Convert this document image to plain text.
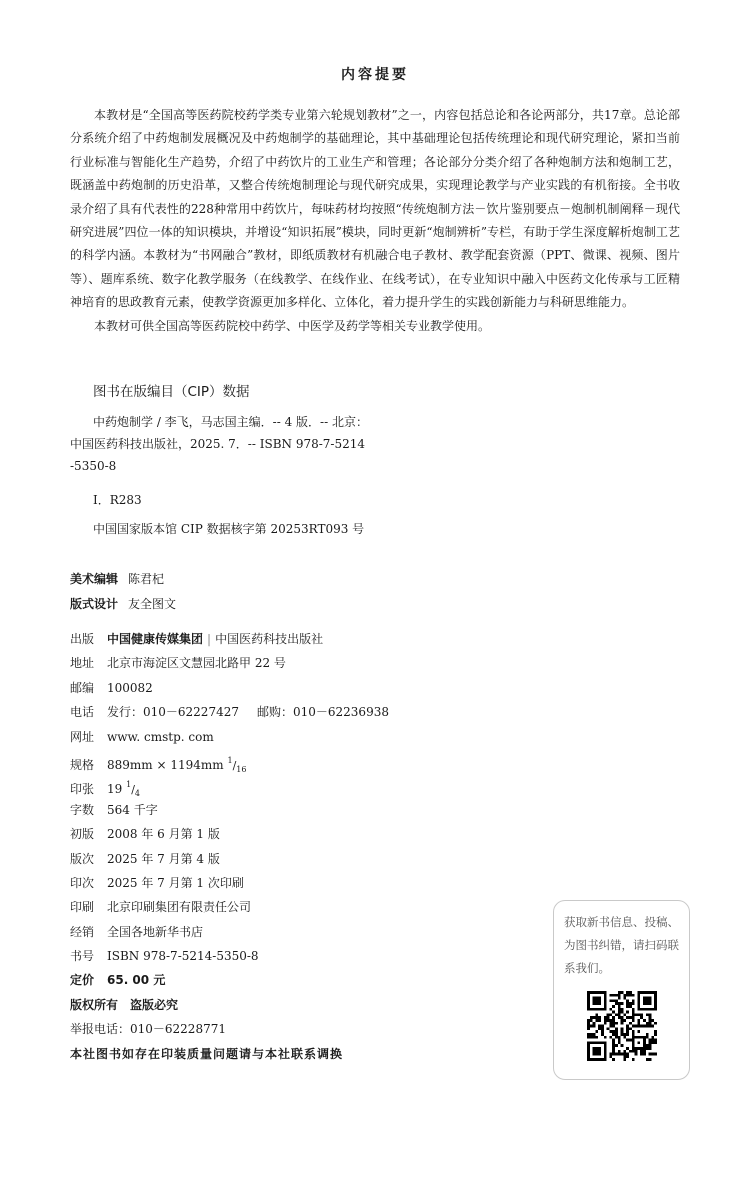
内容提要

本教材是“全国高等医药院校药学类专业第六轮规划教材”之一，内容包括总论和各论两部分，共17章。总论部分系统介绍了中药炮制发展概况及中药炮制学的基础理论，其中基础理论包括传统理论和现代研究理论，紧扣当前行业标准与智能化生产趋势，介绍了中药饮片的工业生产和管理；各论部分分类介绍了各种炮制方法和炮制工艺，既涵盖中药炮制的历史沿革，又整合传统炮制理论与现代研究成果，实现理论教学与产业实践的有机衔接。全书收录介绍了具有代表性的228种常用中药饮片，每味药材均按照“传统炮制方法－饮片鉴别要点－炮制机制阐释－现代研究进展”四位一体的知识模块，并增设“知识拓展”模块，同时更新“炮制辨析”专栏，有助于学生深度解析炮制工艺的科学内涵。本教材为“书网融合”教材，即纸质教材有机融合电子教材、教学配套资源（PPT、微课、视频、图片等）、题库系统、数字化教学服务（在线教学、在线作业、在线考试），在专业知识中融入中医药文化传承与工匠精神培育的思政教育元素，使教学资源更加多样化、立体化，着力提升学生的实践创新能力与科研思维能力。

本教材可供全国高等医药院校中药学、中医学及药学等相关专业教学使用。

图书在版编目（CIP）数据
中药炮制学 / 李飞，马志国主编．-- 4 版．-- 北京：
中国医药科技出版社，2025. 7．-- ISBN 978-7-5214
-5350-8
Ⅰ．R283
中国国家版本馆 CIP 数据核字第 20253RT093 号
美术编辑 陈君杞
版式设计 友全图文
出版 中国健康传媒集团 | 中国医药科技出版社
地址 北京市海淀区文慧园北路甲 22 号
邮编 100082
电话 发行：010－62227427 邮购：010－62236938
网址 www. cmstp. com
规格 889mm × 1194mm $^1/_{16}$
印张 19 $^1/_4$
字数 564 千字
初版 2008 年 6 月第 1 版
版次 2025 年 7 月第 4 版
印次 2025 年 7 月第 1 次印刷
印刷 北京印刷集团有限责任公司
经销 全国各地新华书店
书号 ISBN 978-7-5214-5350-8
定价 65. 00 元
版权所有　盗版必究
举报电话：010－62228771
本社图书如存在印装质量问题请与本社联系调换
获取新书信息、投稿、为图书纠错，请扫码联系我们。
